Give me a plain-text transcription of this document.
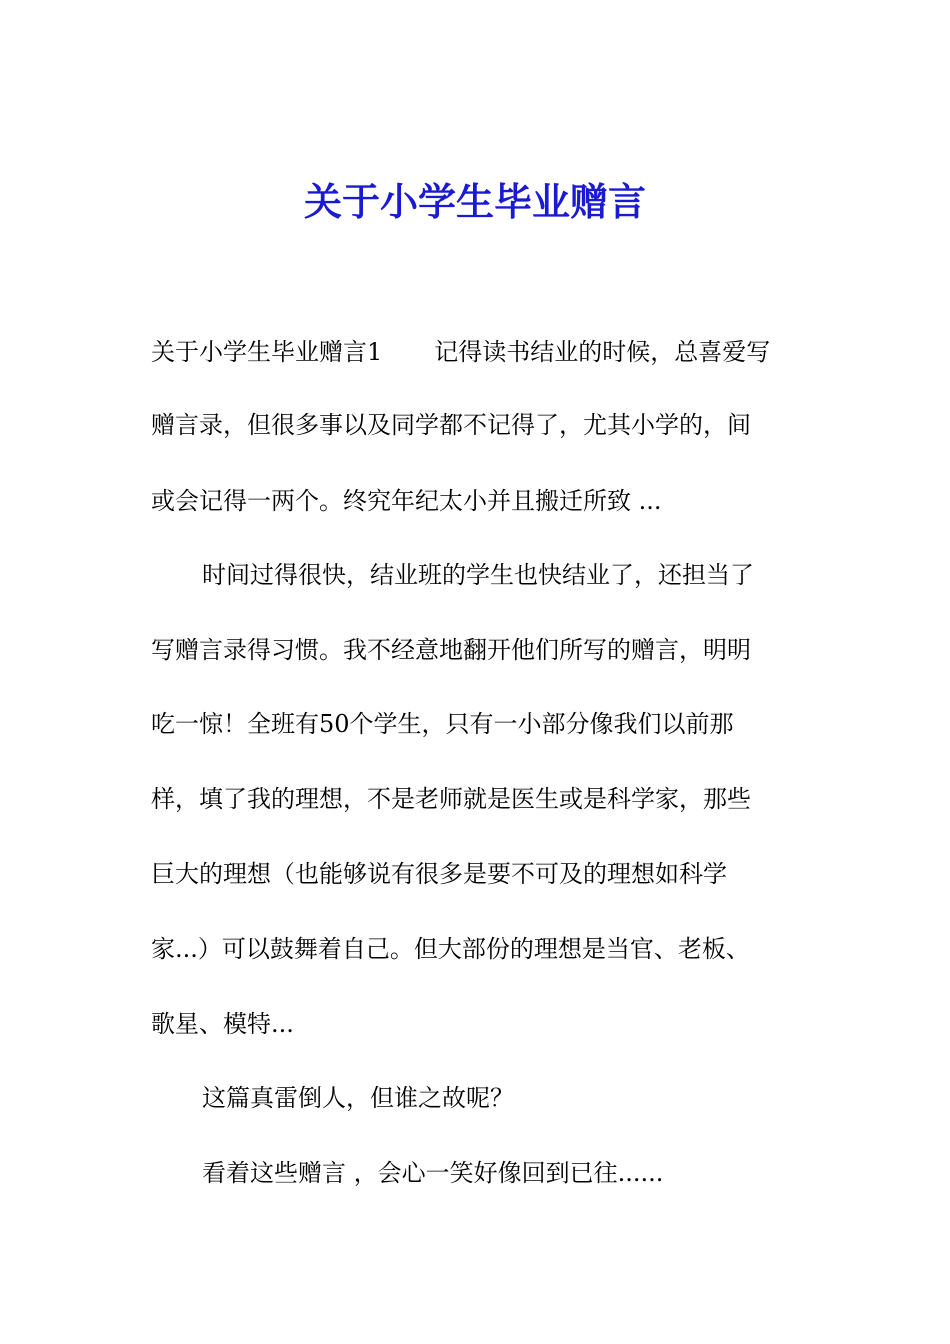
关于小学生毕业赠言

关于小学生毕业赠言1 记得读书结业的时候，总喜爱写

赠言录，但很多事以及同学都不记得了，尤其小学的，间

或会记得一两个。终究年纪太小并且搬迁所致 ...

时间过得很快，结业班的学生也快结业了，还担当了

写赠言录得习惯。我不经意地翻开他们所写的赠言，明明

吃一惊！全班有50个学生，只有一小部分像我们以前那

样，填了我的理想，不是老师就是医生或是科学家，那些

巨大的理想（也能够说有很多是要不可及的理想如科学

家...）可以鼓舞着自己。但大部份的理想是当官、老板、

歌星、模特...

这篇真雷倒人，但谁之故呢？

看着这些赠言 ，会心一笑好像回到已往......
